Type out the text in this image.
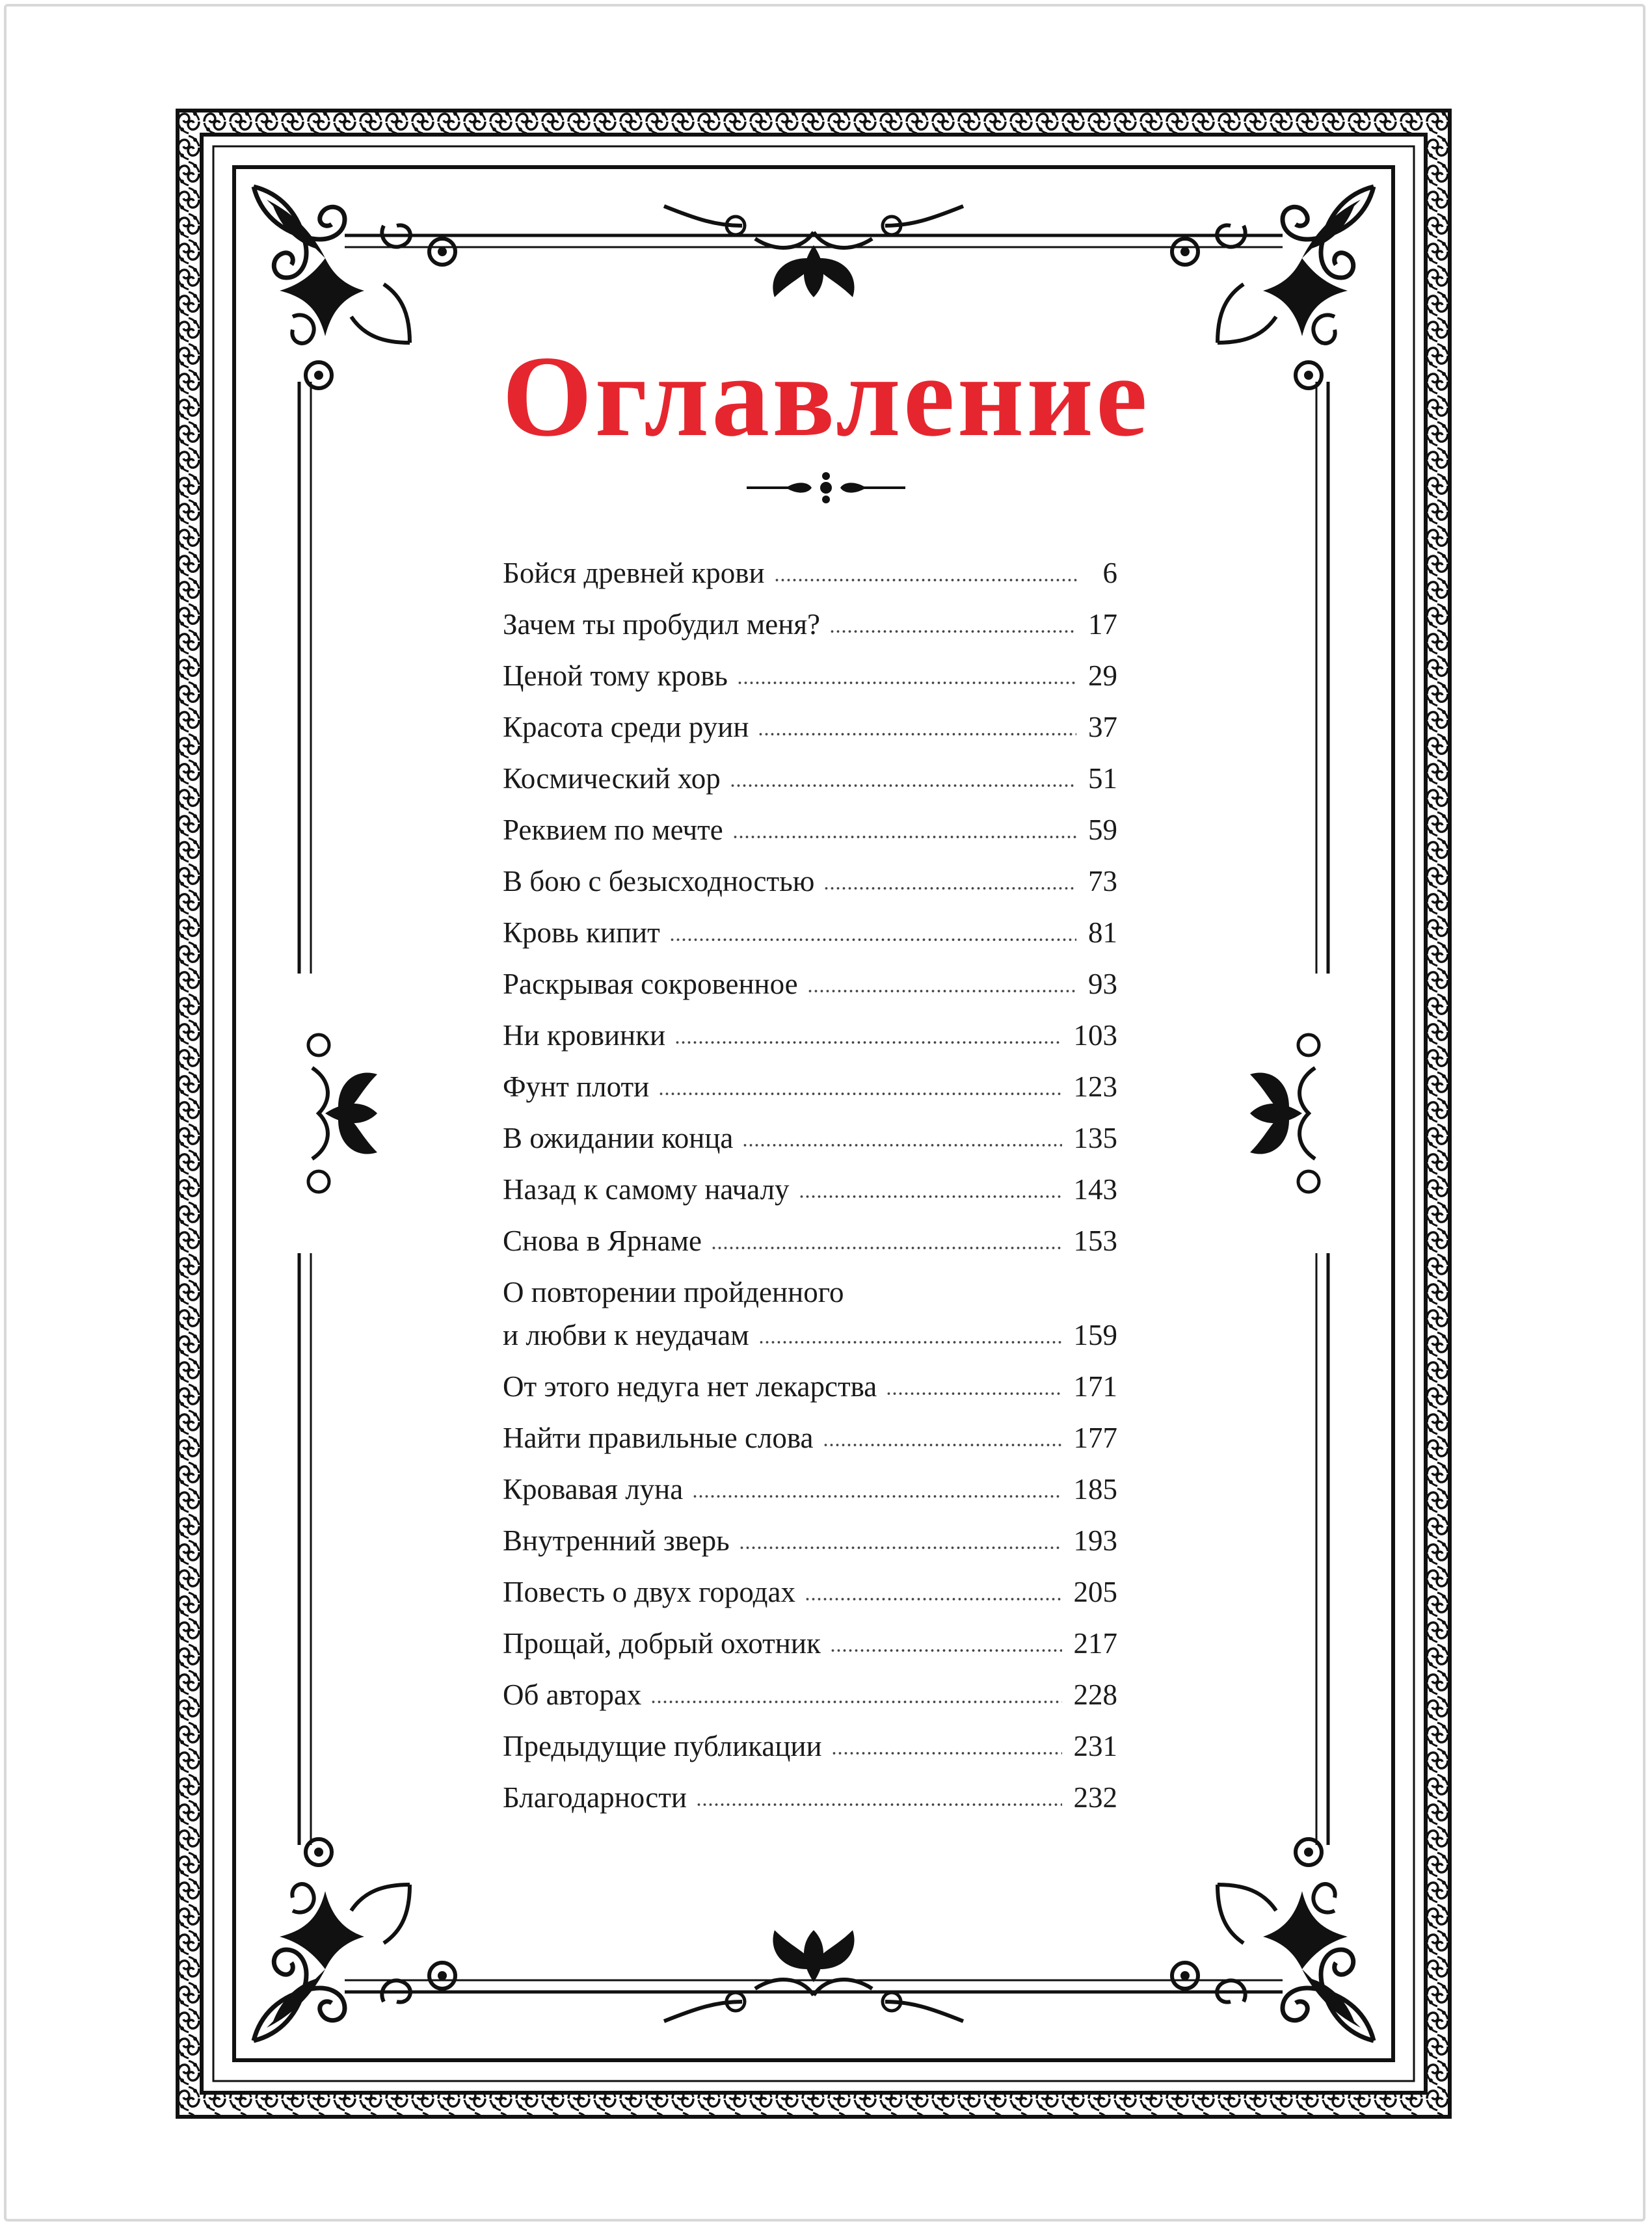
Оглавление
Бойся древней крови	6
Зачем ты пробудил меня?	17
Ценой тому кровь	29
Красота среди руин	37
Космический хор	51
Реквием по мечте	59
В бою с безысходностью	73
Кровь кипит	81
Раскрывая сокровенное	93
Ни кровинки	103
Фунт плоти	123
В ожидании конца	135
Назад к самому началу	143
Снова в Ярнаме	153
О повторении пройденного
и любви к неудачам	159
От этого недуга нет лекарства	171
Найти правильные слова	177
Кровавая луна	185
Внутренний зверь	193
Повесть о двух городах	205
Прощай, добрый охотник	217
Об авторах	228
Предыдущие публикации	231
Благодарности	232
